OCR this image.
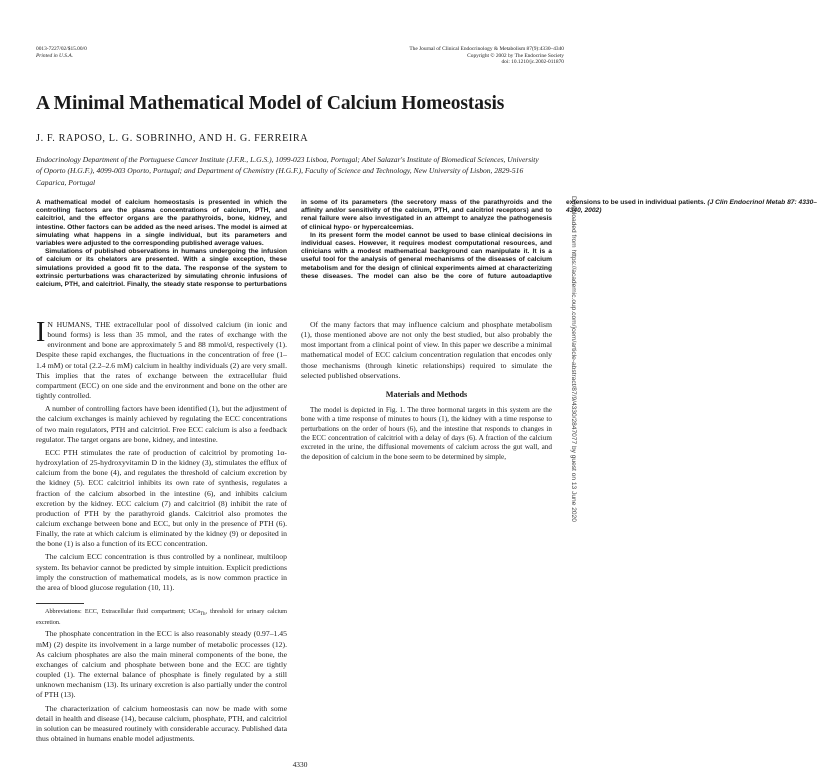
0013-7227/02/$15.00/0
Printed in U.S.A.
The Journal of Clinical Endocrinology & Metabolism 87(9):4330–4340
Copyright © 2002 by The Endocrine Society
doi: 10.1210/jc.2002-011870
A Minimal Mathematical Model of Calcium Homeostasis
J. F. RAPOSO, L. G. SOBRINHO, AND H. G. FERREIRA
Endocrinology Department of the Portuguese Cancer Institute (J.F.R., L.G.S.), 1099-023 Lisboa, Portugal; Abel Salazar's Institute of Biomedical Sciences, University of Oporto (H.G.F.), 4099-003 Oporto, Portugal; and Department of Chemistry (H.G.F.), Faculty of Science and Technology, New University of Lisbon, 2829-516 Caparica, Portugal

A mathematical model of calcium homeostasis is presented in which the controlling factors are the plasma concentrations of calcium, PTH, and calcitriol, and the effector organs are the parathyroids, bone, kidney, and intestine. Other factors can be added as the need arises. The model is aimed at simulating what happens in a single individual, but its parameters and variables were adjusted to the corresponding published average values.

Simulations of published observations in humans undergoing the infusion of calcium or its chelators are presented. With a single exception, these simulations provided a good fit to the data. The response of the system to extrinsic perturbations was characterized by simulating chronic infusions of calcium, PTH, and calcitriol. Finally, the steady state response to perturbations in some of its parameters (the secretory mass of the parathyroids and the affinity and/or sensitivity of the calcium, PTH, and calcitriol receptors) and to renal failure were also investigated in an attempt to analyze the pathogenesis of clinical hypo- or hypercalcemias.

In its present form the model cannot be used to base clinical decisions in individual cases. However, it requires modest computational resources, and clinicians with a modest mathematical background can manipulate it. It is a useful tool for the analysis of general mechanisms of the diseases of calcium metabolism and for the design of clinical experiments aimed at characterizing these diseases. The model can also be the core of future autoadaptive extensions to be used in individual patients. (J Clin Endocrinol Metab 87: 4330–4340, 2002)

I N HUMANS, THE extracellular pool of dissolved calcium (in ionic and bound forms) is less than 35 mmol, and the rates of exchange with the environment and bone are approximately 5 and 88 mmol/d, respectively (1). Despite these rapid exchanges, the fluctuations in the concentration of free (1–1.4 mM) or total (2.2–2.6 mM) calcium in healthy individuals (2) are very small. This implies that the rates of exchange between the extracellular fluid compartment (ECC) on one side and the environment and bone on the other are tightly controlled.

A number of controlling factors have been identified (1), but the adjustment of the calcium exchanges is mainly achieved by regulating the ECC concentrations of two main regulators, PTH and calcitriol. Free ECC calcium is also a feedback regulator. The target organs are bone, kidney, and intestine.

ECC PTH stimulates the rate of production of calcitriol by promoting 1α-hydroxylation of 25-hydroxyvitamin D in the kidney (3), stimulates the efflux of calcium from the bone (4), and regulates the threshold of calcium excretion by the kidney (5). ECC calcitriol inhibits its own rate of synthesis, regulates a fraction of the calcium absorbed in the intestine (6), and inhibits calcium excretion by the kidney. ECC calcium (7) and calcitriol (8) inhibit the rate of production of PTH by the parathyroid glands. Calcitriol also promotes the calcium exchange between bone and ECC, but only in the presence of PTH (6). Finally, the rate at which calcium is eliminated by the kidney (9) or deposited in the bone (1) is also a function of its ECC concentration.

The calcium ECC concentration is thus controlled by a nonlinear, multiloop system. Its behavior cannot be predicted by simple intuition. Explicit predictions imply the construction of mathematical models, as is now common practice in the area of blood glucose regulation (10, 11).

Abbreviations: ECC, Extracellular fluid compartment; UCa$_{Th}$, threshold for urinary calcium excretion.

The phosphate concentration in the ECC is also reasonably steady (0.97–1.45 mM) (2) despite its involvement in a large number of metabolic processes (12). As calcium phosphates are also the main mineral components of the bone, the exchanges of calcium and phosphate between bone and the ECC are tightly coupled (1). The external balance of phosphate is finely regulated by a still unknown mechanism (13). Its urinary excretion is also partially under the control of PTH (13).

The characterization of calcium homeostasis can now be made with some detail in health and disease (14), because calcium, phosphate, PTH, and calcitriol in solution can be measured routinely with considerable accuracy. Published data thus obtained in humans enable model adjustments.

Of the many factors that may influence calcium and phosphate metabolism (1), those mentioned above are not only the best studied, but also probably the most important from a clinical point of view. In this paper we describe a minimal mathematical model of ECC calcium concentration regulation that encodes only those mechanisms (through kinetic relationships) required to simulate the selected published observations.

Materials and Methods

The model is depicted in Fig. 1. The three hormonal targets in this system are the bone with a time response of minutes to hours (1), the kidney with a time response to perturbations on the order of hours (6), and the intestine that responds to changes in the ECC concentration of calcitriol with a delay of days (6). A fraction of the calcium excreted in the urine, the diffusional movements of calcium across the gut wall, and the deposition of calcium in the bone seem to be determined by simple,

4330
Downloaded from https://academic.oup.com/jcem/article-abstract/87/9/4330/2847077 by guest on 13 June 2020
